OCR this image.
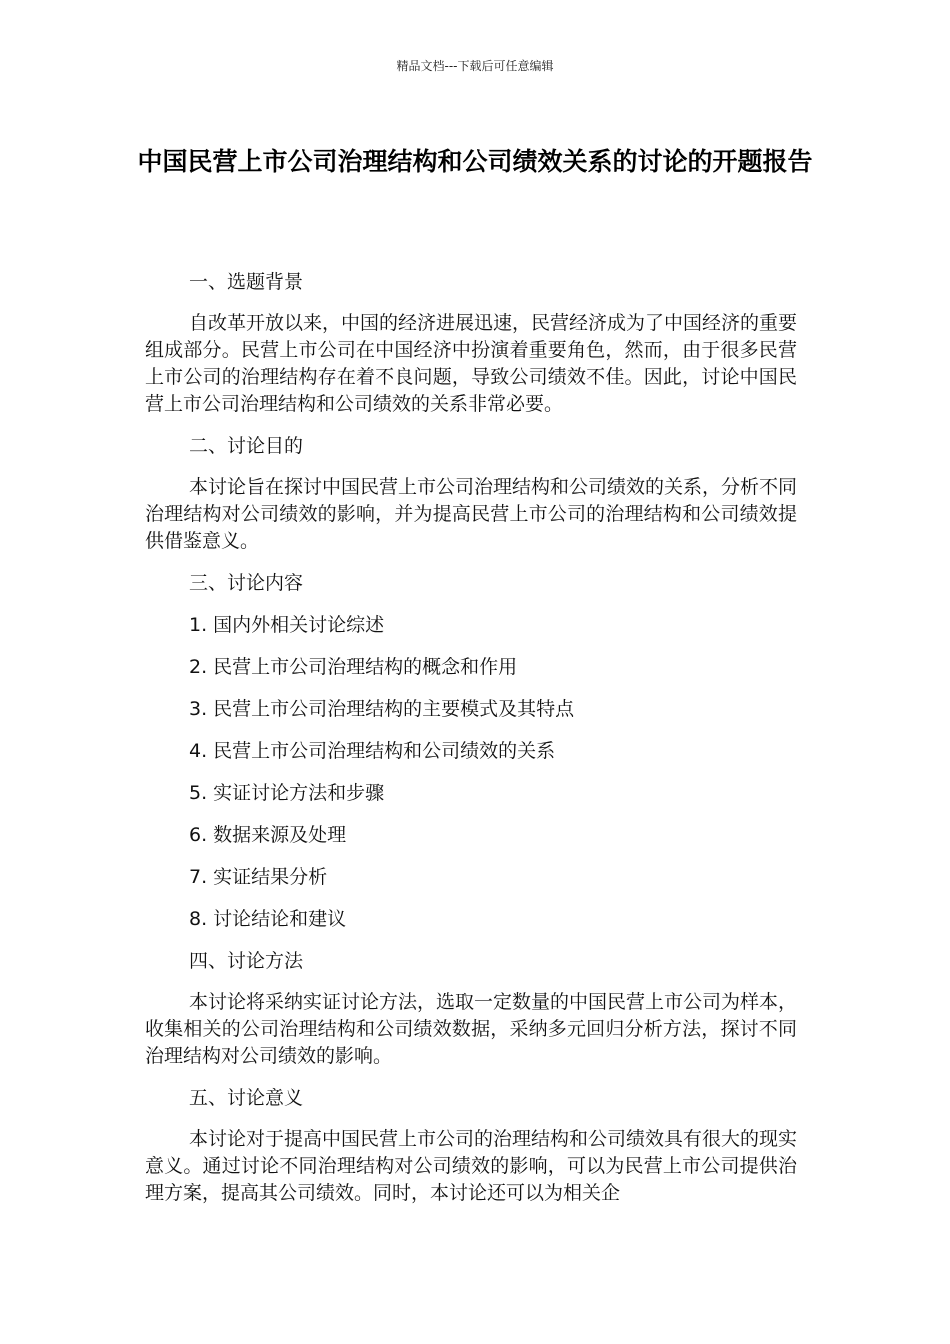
精品文档---下载后可任意编辑
中国民营上市公司治理结构和公司绩效关系的讨论的开题报告

一、选题背景

自改革开放以来，中国的经济进展迅速，民营经济成为了中国经济的重要组成部分。民营上市公司在中国经济中扮演着重要角色，然而，由于很多民营上市公司的治理结构存在着不良问题，导致公司绩效不佳。因此，讨论中国民营上市公司治理结构和公司绩效的关系非常必要。

二、讨论目的

本讨论旨在探讨中国民营上市公司治理结构和公司绩效的关系，分析不同治理结构对公司绩效的影响，并为提高民营上市公司的治理结构和公司绩效提供借鉴意义。

三、讨论内容

1. 国内外相关讨论综述

2. 民营上市公司治理结构的概念和作用

3. 民营上市公司治理结构的主要模式及其特点

4. 民营上市公司治理结构和公司绩效的关系

5. 实证讨论方法和步骤

6. 数据来源及处理

7. 实证结果分析

8. 讨论结论和建议

四、讨论方法

本讨论将采纳实证讨论方法，选取一定数量的中国民营上市公司为样本，收集相关的公司治理结构和公司绩效数据，采纳多元回归分析方法，探讨不同治理结构对公司绩效的影响。

五、讨论意义

本讨论对于提高中国民营上市公司的治理结构和公司绩效具有很大的现实意义。通过讨论不同治理结构对公司绩效的影响，可以为民营上市公司提供治理方案，提高其公司绩效。同时，本讨论还可以为相关企
